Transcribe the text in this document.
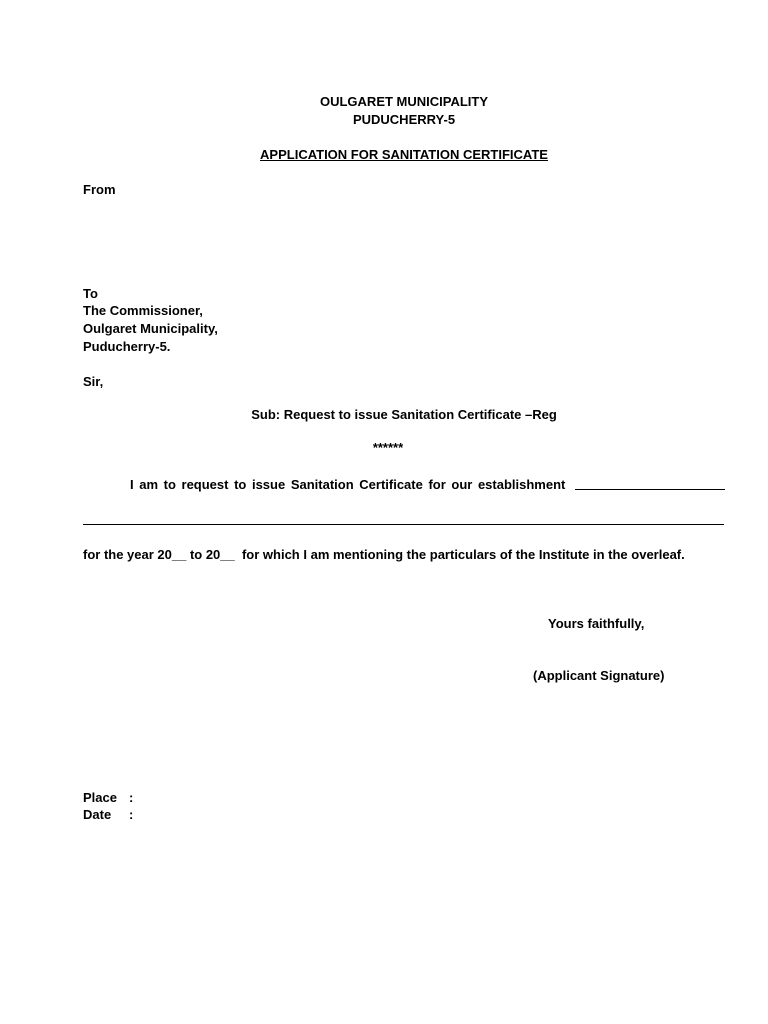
OULGARET MUNICIPALITY
PUDUCHERRY-5
APPLICATION FOR SANITATION CERTIFICATE
From
To
The Commissioner,
Oulgaret Municipality,
Puducherry-5.
Sir,
Sub: Request to issue Sanitation Certificate –Reg
******
I am to request to issue Sanitation Certificate for our establishment
for the year 20__ to 20__  for which I am mentioning the particulars of the Institute in the overleaf.
Yours faithfully,
(Applicant Signature)
Place :
Date :
